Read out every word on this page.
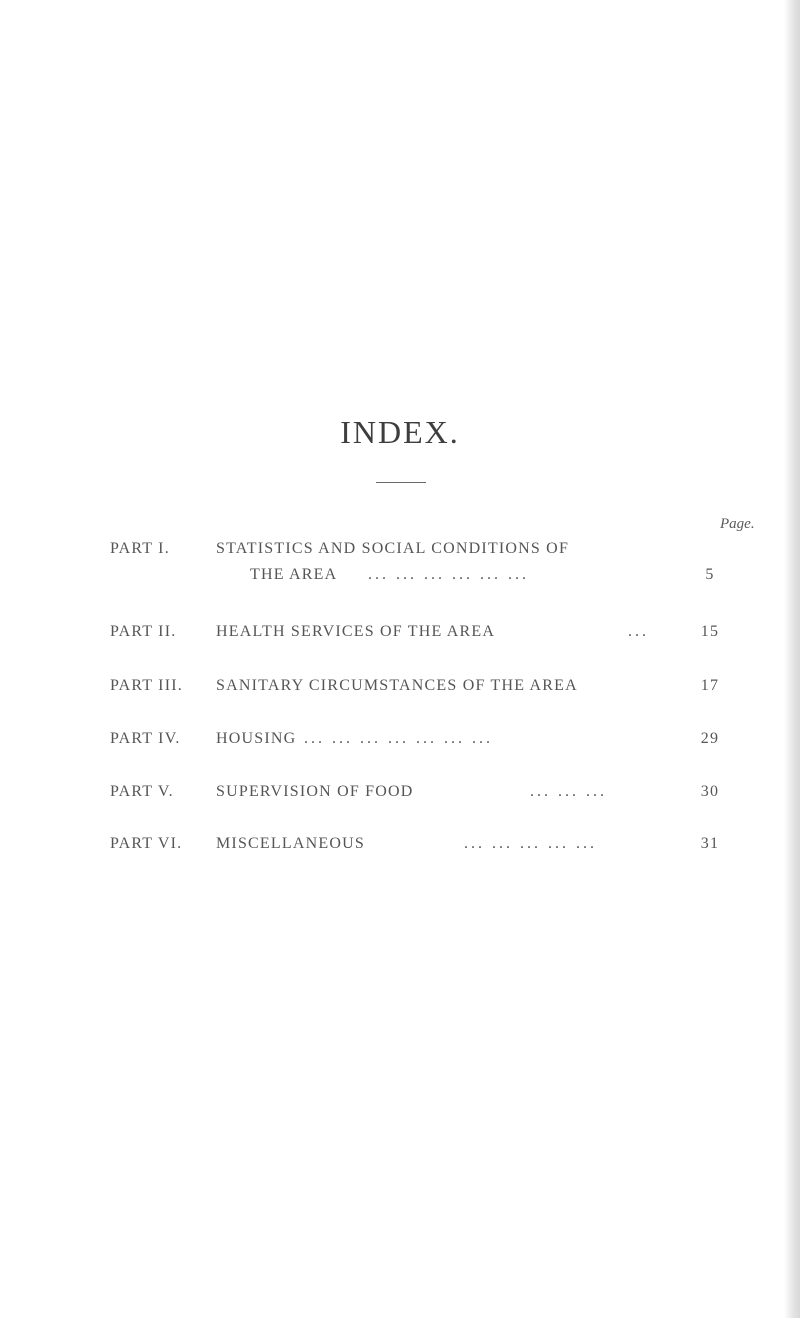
INDEX.
Page.
PART I.	STATISTICS AND SOCIAL CONDITIONS OF
THE AREA ... ... ... ... ... ...	5
PART II. HEALTH SERVICES OF THE AREA	...	15
PART III. SANITARY CIRCUMSTANCES OF THE AREA	17
PART IV. HOUSING ... ... ... ... ... ... ...	29
PART V.	SUPERVISION OF FOOD	... ... ...	30
PART VI. MISCELLANEOUS	... ... ... ... ...	31
